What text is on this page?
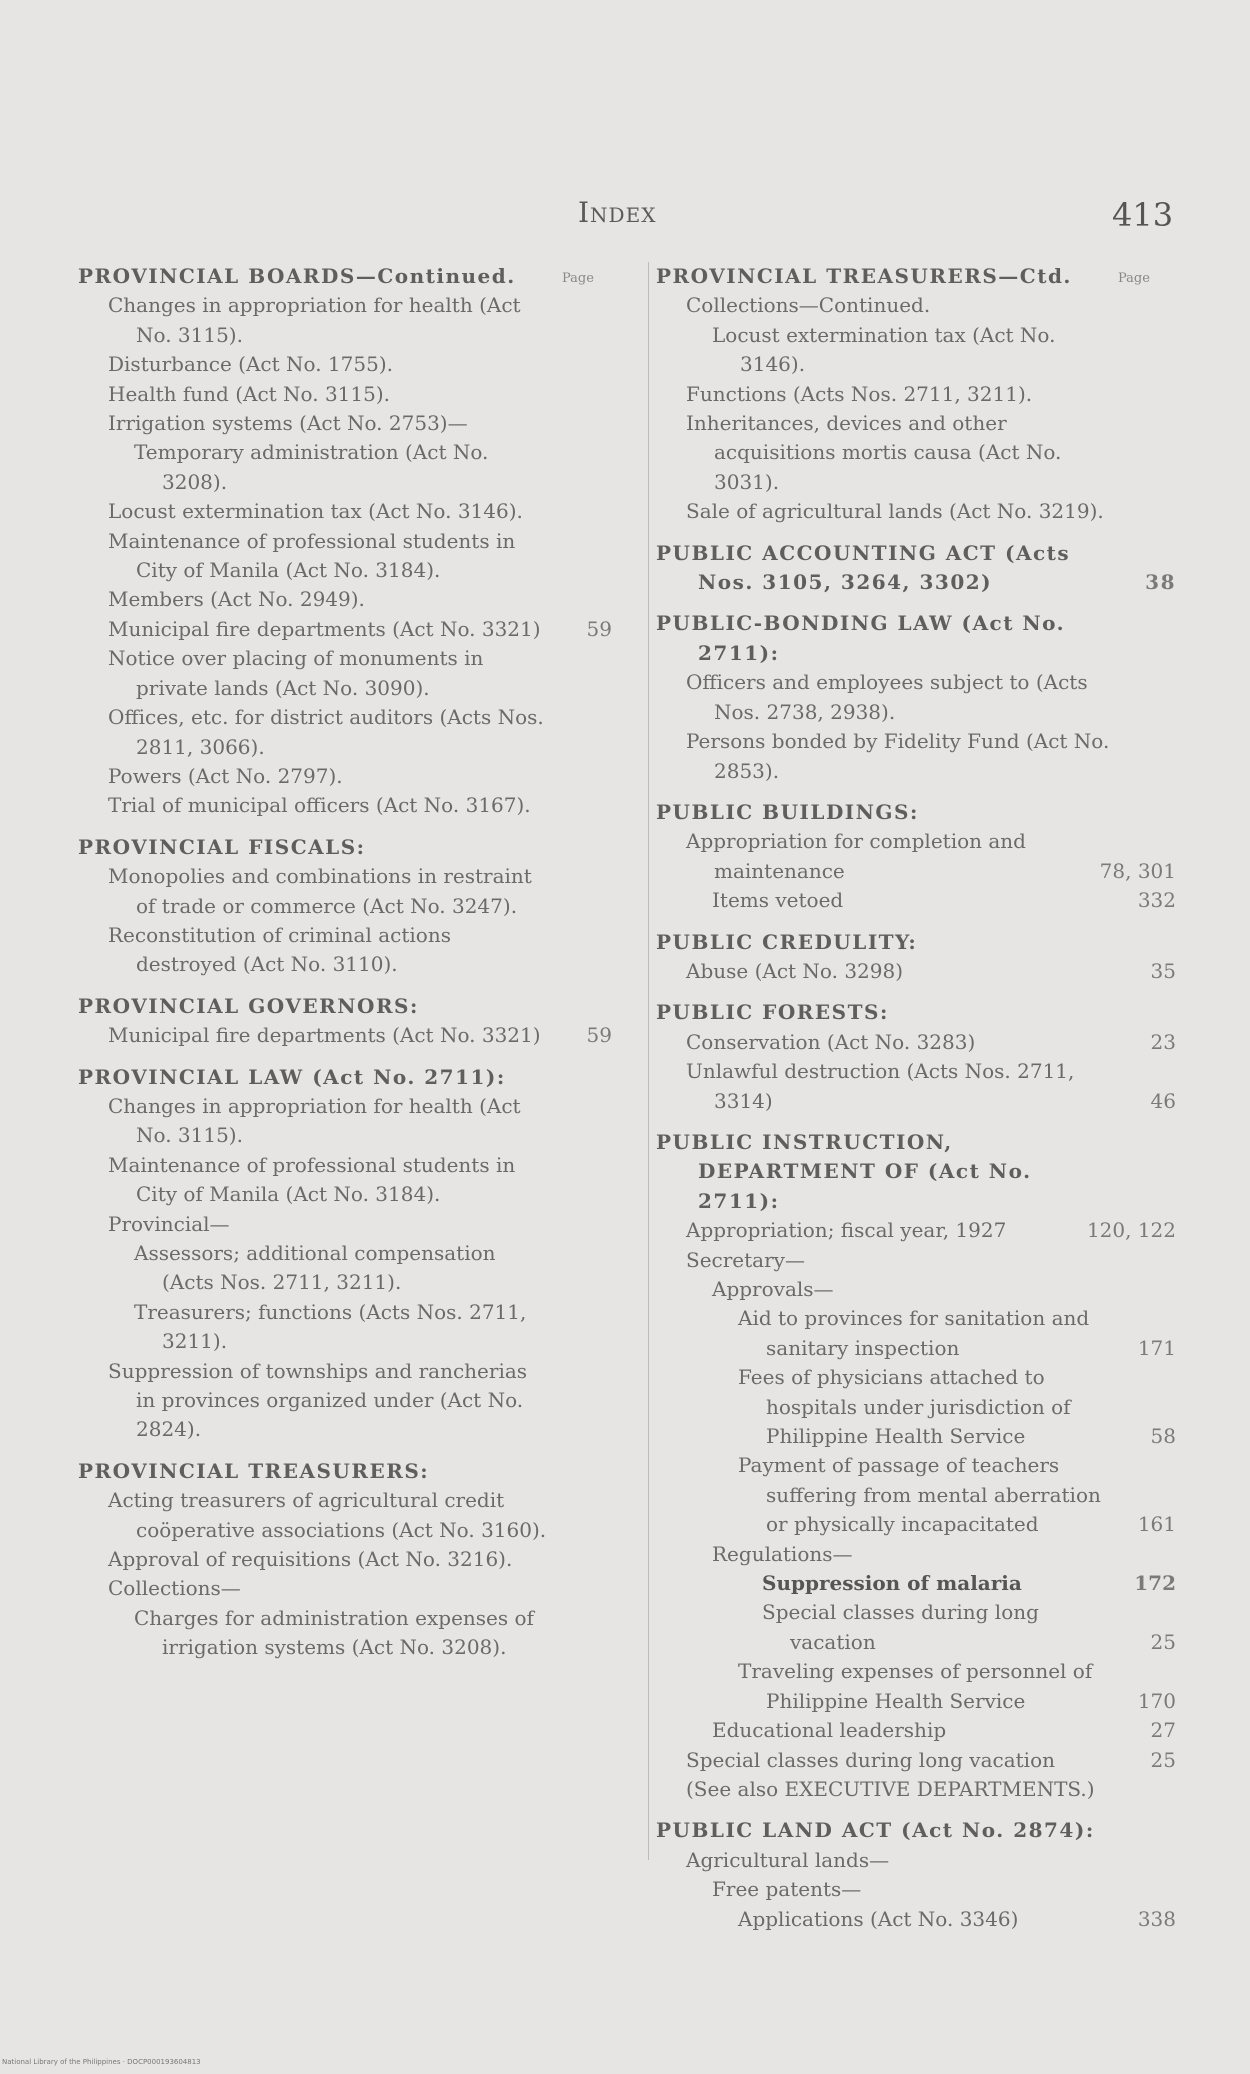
Index	413
Page
PROVINCIAL BOARDS—Continued.
Changes in appropriation for health (Act No. 3115).
Disturbance (Act No. 1755).
Health fund (Act No. 3115).
Irrigation systems (Act No. 2753)—
Temporary administration (Act No. 3208).
Locust extermination tax (Act No. 3146).
Maintenance of professional students in City of Manila (Act No. 3184).
Members (Act No. 2949).
Municipal fire departments (Act No. 3321) 59
Notice over placing of monuments in private lands (Act No. 3090).
Offices, etc. for district auditors (Acts Nos. 2811, 3066).
Powers (Act No. 2797).
Trial of municipal officers (Act No. 3167).
PROVINCIAL FISCALS:
Monopolies and combinations in restraint of trade or commerce (Act No. 3247).
Reconstitution of criminal actions destroyed (Act No. 3110).
PROVINCIAL GOVERNORS:
Municipal fire departments (Act No. 3321) 59
PROVINCIAL LAW (Act No. 2711):
Changes in appropriation for health (Act No. 3115).
Maintenance of professional students in City of Manila (Act No. 3184).
Provincial—
Assessors; additional compensation (Acts Nos. 2711, 3211).
Treasurers; functions (Acts Nos. 2711, 3211).
Suppression of townships and rancherias in provinces organized under (Act No. 2824).
PROVINCIAL TREASURERS:
Acting treasurers of agricultural credit coöperative associations (Act No. 3160).
Approval of requisitions (Act No. 3216).
Collections—
Charges for administration expenses of irrigation systems (Act No. 3208).
Page
PROVINCIAL TREASURERS—Ctd.
Collections—Continued.
Locust extermination tax (Act No. 3146).
Functions (Acts Nos. 2711, 3211).
Inheritances, devices and other acquisitions mortis causa (Act No. 3031).
Sale of agricultural lands (Act No. 3219).
PUBLIC ACCOUNTING ACT (Acts Nos. 3105, 3264, 3302)	38
PUBLIC-BONDING LAW (Act No. 2711):
Officers and employees subject to (Acts Nos. 2738, 2938).
Persons bonded by Fidelity Fund (Act No. 2853).
PUBLIC BUILDINGS:
Appropriation for completion and maintenance	78, 301
Items vetoed	332
PUBLIC CREDULITY:
Abuse (Act No. 3298)	35
PUBLIC FORESTS:
Conservation (Act No. 3283)	23
Unlawful destruction (Acts Nos. 2711, 3314)	46
PUBLIC INSTRUCTION, DEPARTMENT OF (Act No. 2711):
Appropriation; fiscal year, 1927	120, 122
Secretary—
Approvals—
Aid to provinces for sanitation and sanitary inspection	171
Fees of physicians attached to hospitals under jurisdiction of Philippine Health Service	58
Payment of passage of teachers suffering from mental aberration or physically incapacitated	161
Regulations—
Suppression of malaria	172
Special classes during long vacation	25
Traveling expenses of personnel of Philippine Health Service	170
Educational leadership	27
Special classes during long vacation	25
(See also EXECUTIVE DEPARTMENTS.)
PUBLIC LAND ACT (Act No. 2874):
Agricultural lands—
Free patents—
Applications (Act No. 3346)	338
National Library of the Philippines · DOCP000193604813
